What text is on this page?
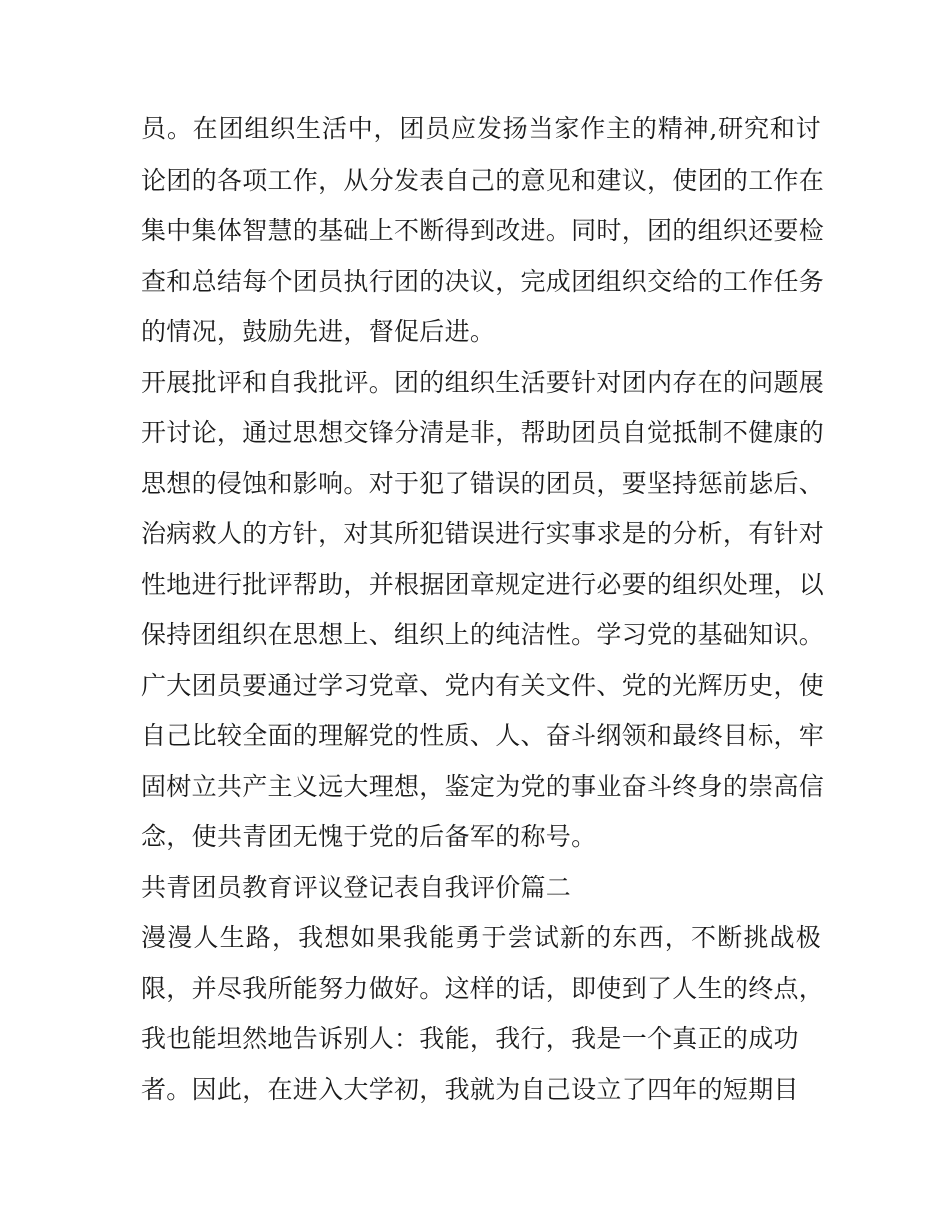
员。在团组织生活中，团员应发扬当家作主的精神,研究和讨
论团的各项工作，从分发表自己的意见和建议，使团的工作在
集中集体智慧的基础上不断得到改进。同时，团的组织还要检
查和总结每个团员执行团的决议，完成团组织交给的工作任务
的情况，鼓励先进，督促后进。
开展批评和自我批评。团的组织生活要针对团内存在的问题展
开讨论，通过思想交锋分清是非，帮助团员自觉抵制不健康的
思想的侵蚀和影响。对于犯了错误的团员，要坚持惩前毖后、
治病救人的方针，对其所犯错误进行实事求是的分析，有针对
性地进行批评帮助，并根据团章规定进行必要的组织处理，以
保持团组织在思想上、组织上的纯洁性。学习党的基础知识。
广大团员要通过学习党章、党内有关文件、党的光辉历史，使
自己比较全面的理解党的性质、人、奋斗纲领和最终目标，牢
固树立共产主义远大理想，鉴定为党的事业奋斗终身的崇高信
念，使共青团无愧于党的后备军的称号。
共青团员教育评议登记表自我评价篇二
漫漫人生路，我想如果我能勇于尝试新的东西，不断挑战极
限，并尽我所能努力做好。这样的话，即使到了人生的终点，
我也能坦然地告诉别人：我能，我行，我是一个真正的成功
者。因此，在进入大学初，我就为自己设立了四年的短期目
